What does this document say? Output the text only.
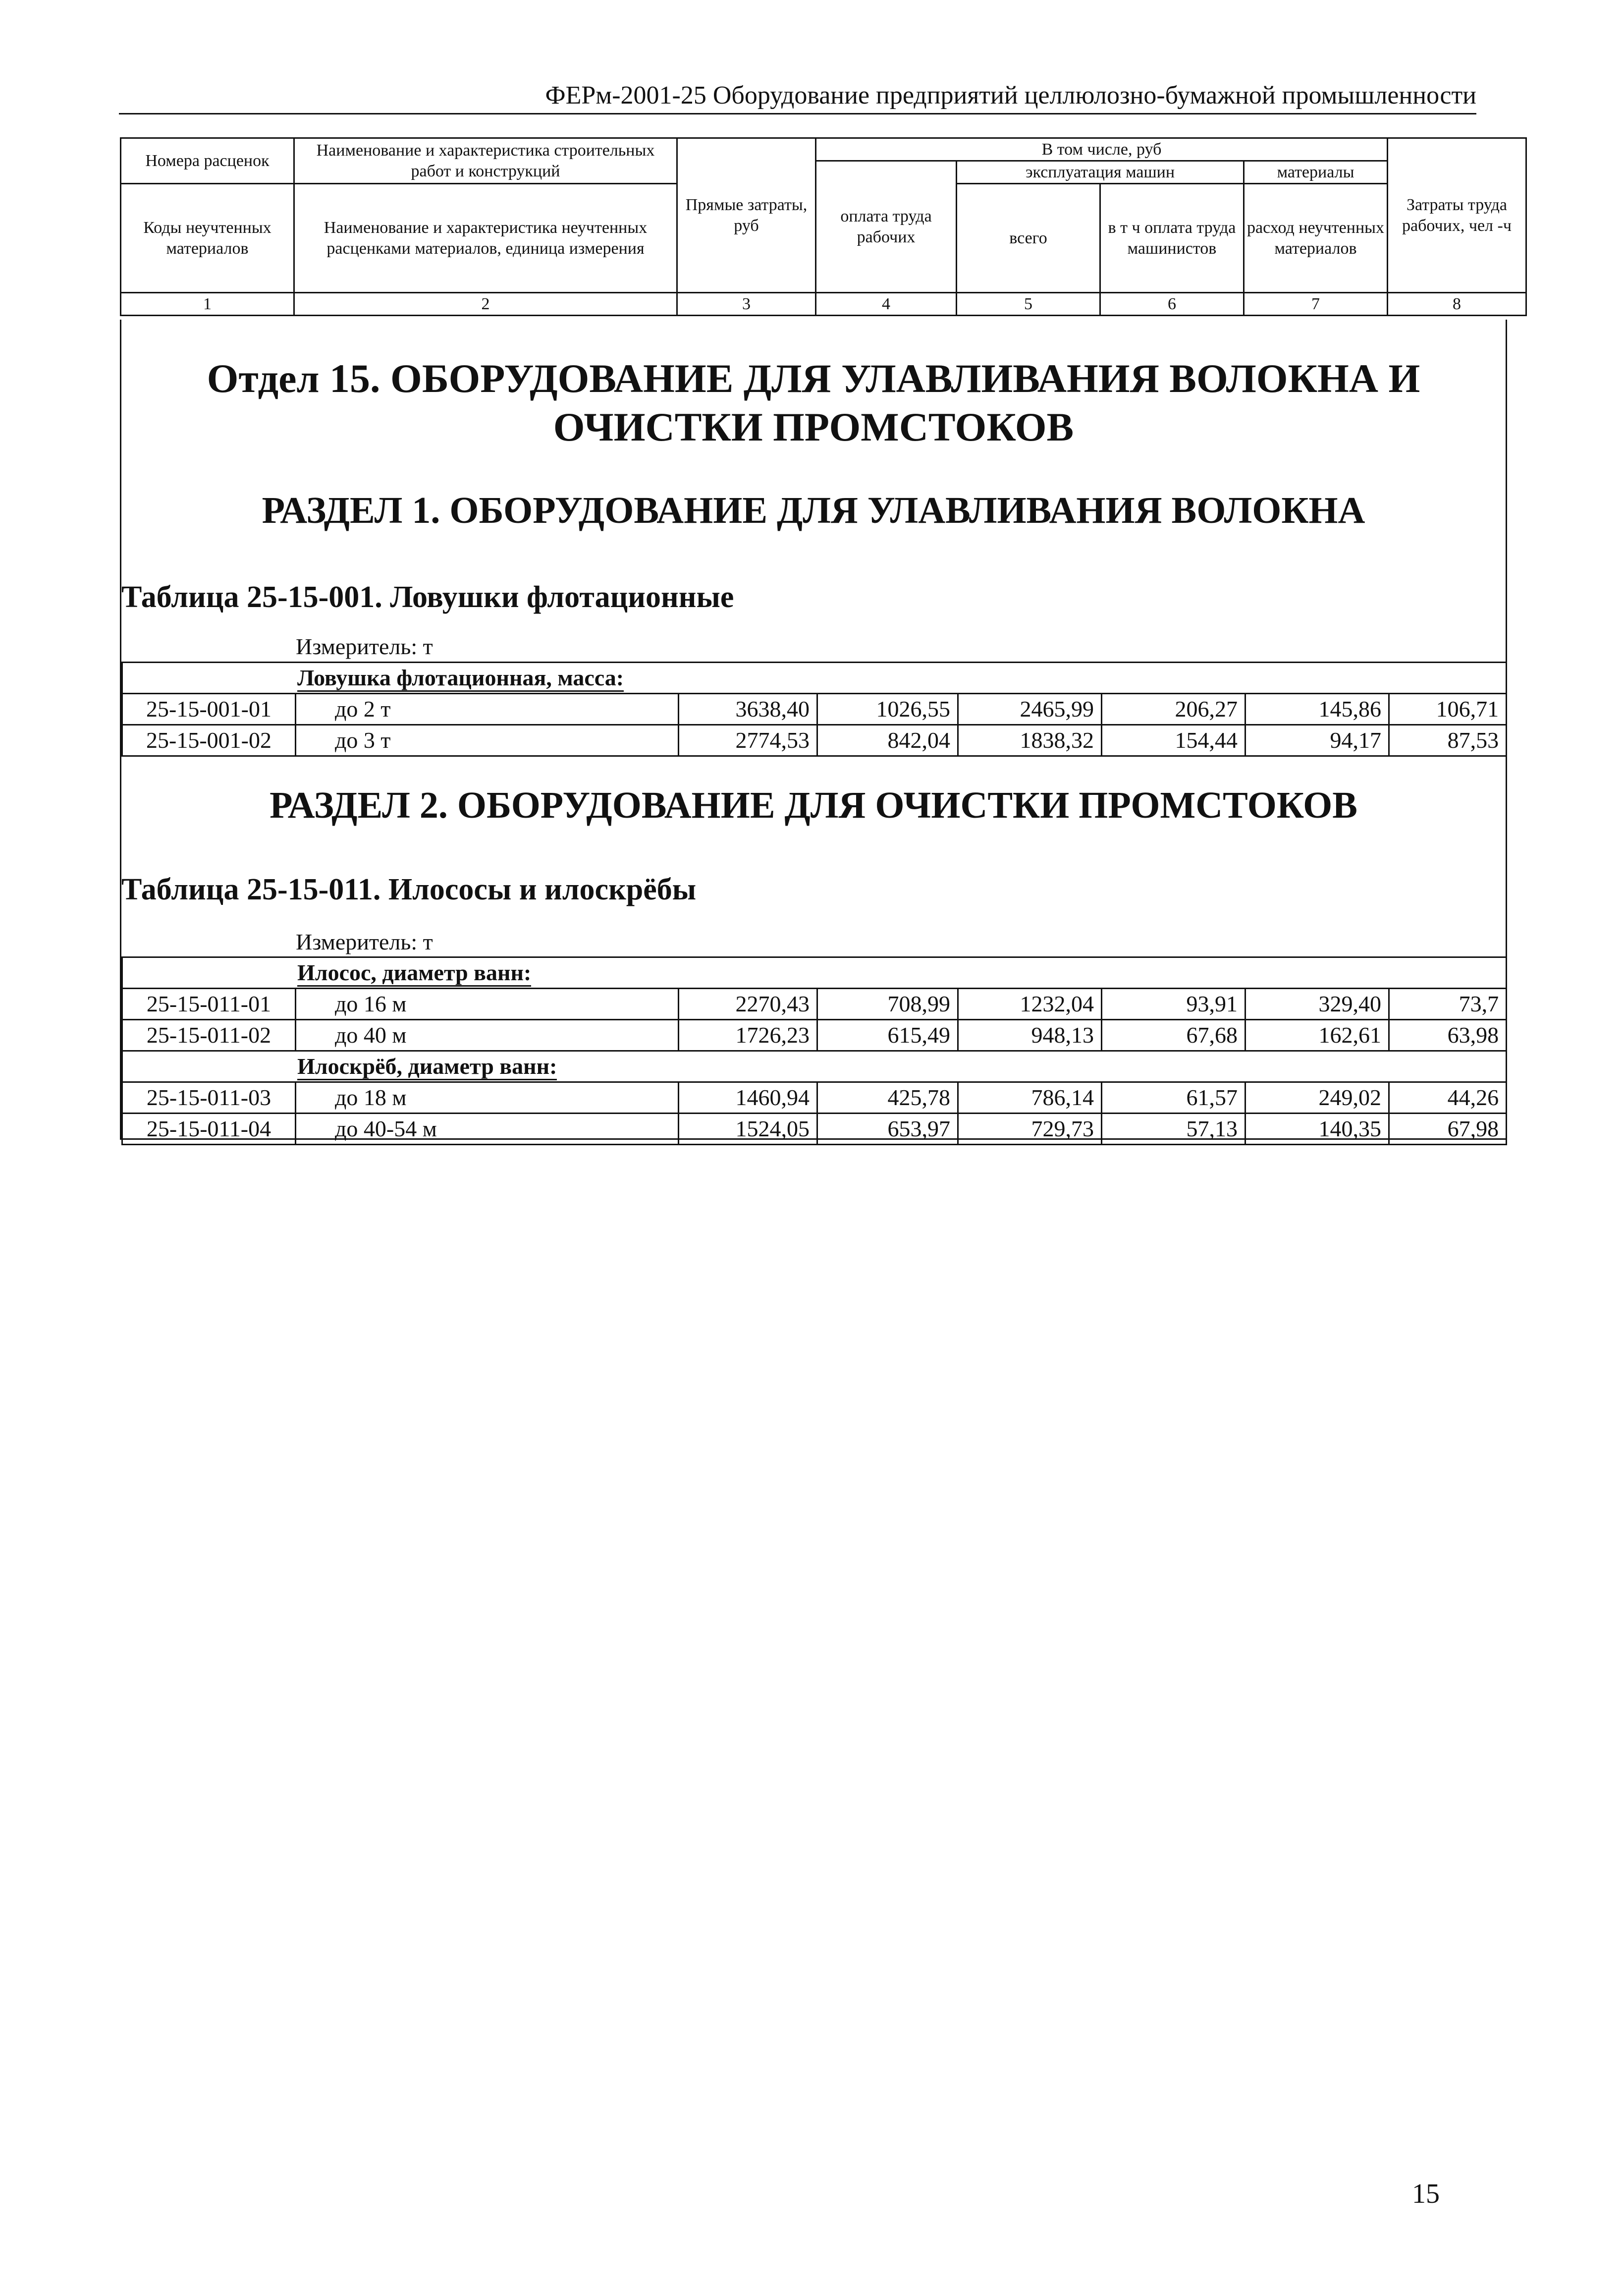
ФЕРм-2001-25 Оборудование предприятий целлюлозно-бумажной промышленности
Номера расценок	Наименование и характеристика строительных работ и конструкций	Прямые затраты, руб	В том числе, руб				Затраты труда рабочих, чел -ч
			оплата труда рабочих	эксплуатация машин		материалы	
Коды неучтенных материалов	Наименование и характеристика неучтенных расценками материалов, единица измерения			всего	в т ч оплата труда машинистов	расход неучтенных материалов	

1	2	3	4	5	6	7	8
Отдел 15. ОБОРУДОВАНИЕ ДЛЯ УЛАВЛИВАНИЯ ВОЛОКНА И ОЧИСТКИ ПРОМСТОКОВ
РАЗДЕЛ 1. ОБОРУДОВАНИЕ ДЛЯ УЛАВЛИВАНИЯ ВОЛОКНА
Таблица 25-15-001. Ловушки флотационные
Измеритель: т
Ловушка флотационная, масса:							
25-15-001-01	до 2 т	3638,40	1026,55	2465,99	206,27	145,86	106,71
25-15-001-02	до 3 т	2774,53	842,04	1838,32	154,44	94,17	87,53
РАЗДЕЛ 2. ОБОРУДОВАНИЕ ДЛЯ ОЧИСТКИ ПРОМСТОКОВ
Таблица 25-15-011. Илососы и илоскрёбы
Измеритель: т
Илосос, диаметр ванн:							
25-15-011-01	до 16 м	2270,43	708,99	1232,04	93,91	329,40	73,7
25-15-011-02	до 40 м	1726,23	615,49	948,13	67,68	162,61	63,98
Илоскрёб, диаметр ванн:							
25-15-011-03	до 18 м	1460,94	425,78	786,14	61,57	249,02	44,26
25-15-011-04	до 40-54 м	1524,05	653,97	729,73	57,13	140,35	67,98
15
